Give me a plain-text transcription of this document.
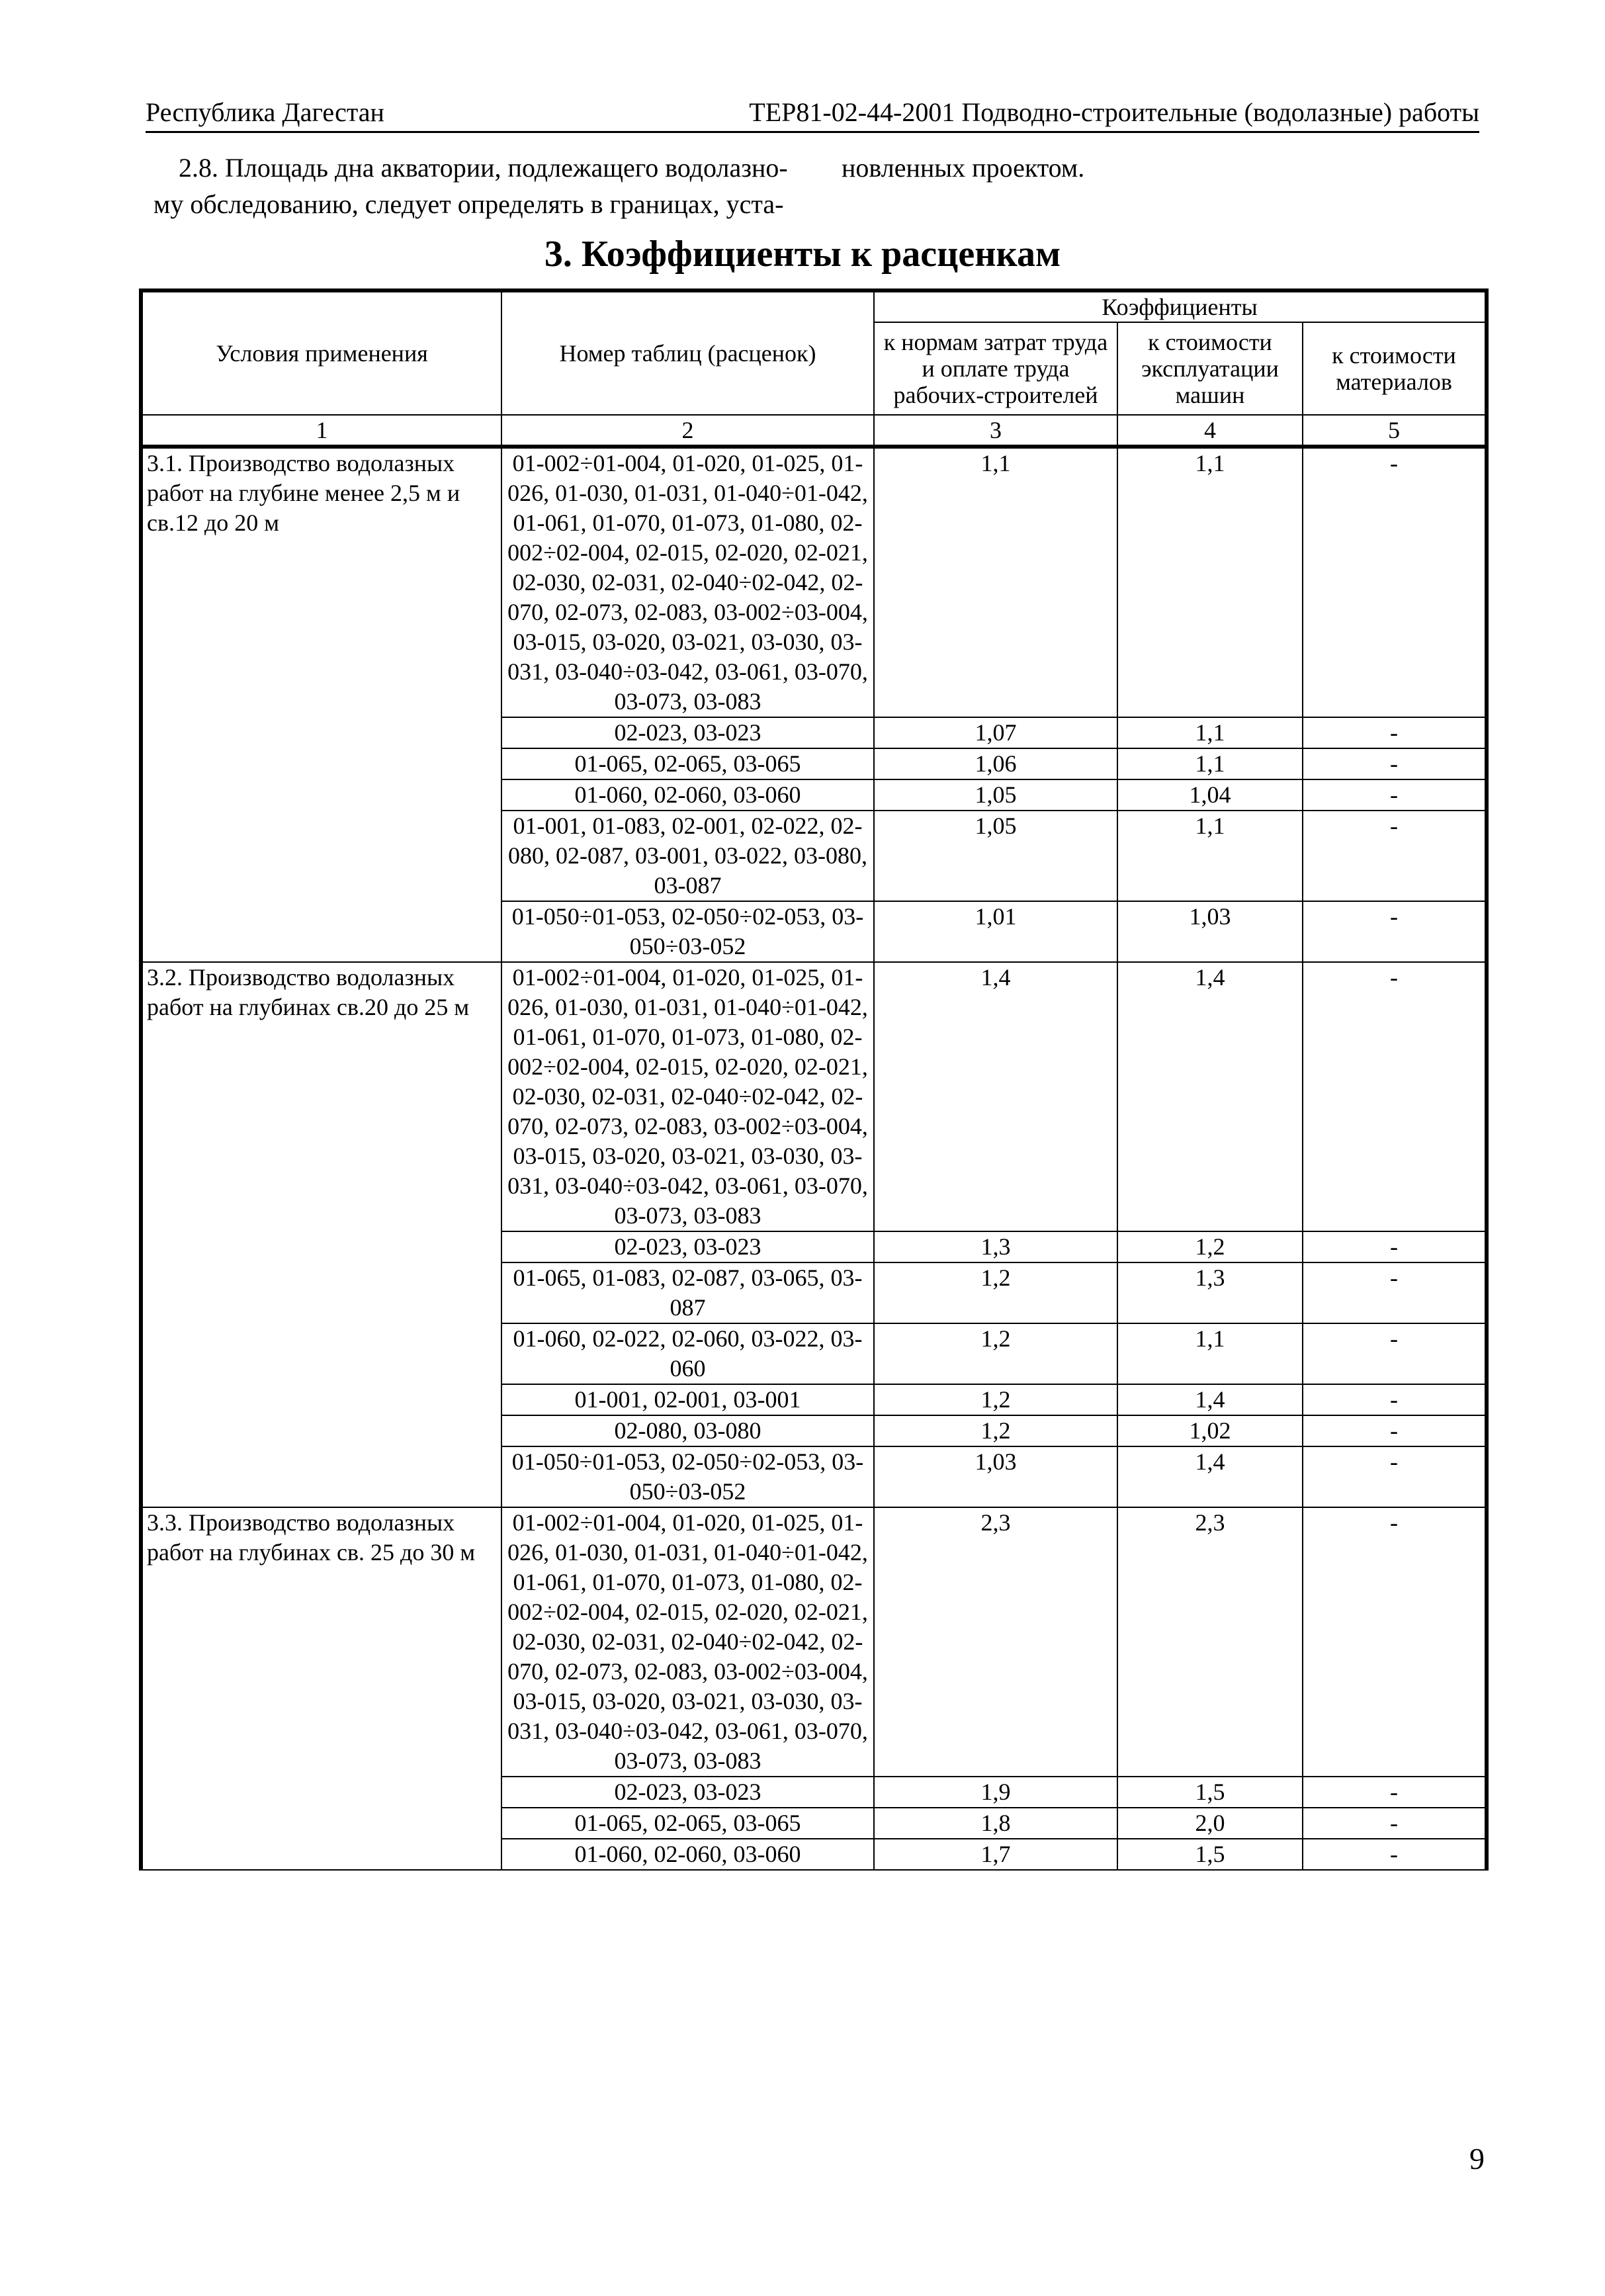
Республика Дагестан	ТЕР81-02-44-2001 Подводно-строительные (водолазные) работы
2.8. Площадь дна акватории, подлежащего водолазно-
му обследованию, следует определять в границах, уста-
новленных проектом.
3. Коэффициенты к расценкам
Условия применения	Номер таблиц (расценок)	Коэффициенты		
		к нормам затрат труда и оплате труда рабочих-строителей	к стоимости эксплуатации машин	к стоимости материалов
1	2	3	4	5
3.1. Производство водолазных работ на глубине менее 2,5 м и св.12 до 20 м	01-002÷01-004, 01-020, 01-025, 01-026, 01-030, 01-031, 01-040÷01-042, 01-061, 01-070, 01-073, 01-080, 02-002÷02-004, 02-015, 02-020, 02-021, 02-030, 02-031, 02-040÷02-042, 02-070, 02-073, 02-083, 03-002÷03-004, 03-015, 03-020, 03-021, 03-030, 03-031, 03-040÷03-042, 03-061, 03-070, 03-073, 03-083	1,1	1,1	-
	02-023, 03-023	1,07	1,1	-
	01-065, 02-065, 03-065	1,06	1,1	-
	01-060, 02-060, 03-060	1,05	1,04	-
	01-001, 01-083, 02-001, 02-022, 02-080, 02-087, 03-001, 03-022, 03-080, 03-087	1,05	1,1	-
	01-050÷01-053, 02-050÷02-053, 03-050÷03-052	1,01	1,03	-
3.2. Производство водолазных работ на глубинах св.20 до 25 м	01-002÷01-004, 01-020, 01-025, 01-026, 01-030, 01-031, 01-040÷01-042, 01-061, 01-070, 01-073, 01-080, 02-002÷02-004, 02-015, 02-020, 02-021, 02-030, 02-031, 02-040÷02-042, 02-070, 02-073, 02-083, 03-002÷03-004, 03-015, 03-020, 03-021, 03-030, 03-031, 03-040÷03-042, 03-061, 03-070, 03-073, 03-083	1,4	1,4	-
	02-023, 03-023	1,3	1,2	-
	01-065, 01-083, 02-087, 03-065, 03-087	1,2	1,3	-
	01-060, 02-022, 02-060, 03-022, 03-060	1,2	1,1	-
	01-001, 02-001, 03-001	1,2	1,4	-
	02-080, 03-080	1,2	1,02	-
	01-050÷01-053, 02-050÷02-053, 03-050÷03-052	1,03	1,4	-
3.3. Производство водолазных работ на глубинах св. 25 до 30 м	01-002÷01-004, 01-020, 01-025, 01-026, 01-030, 01-031, 01-040÷01-042, 01-061, 01-070, 01-073, 01-080, 02-002÷02-004, 02-015, 02-020, 02-021, 02-030, 02-031, 02-040÷02-042, 02-070, 02-073, 02-083, 03-002÷03-004, 03-015, 03-020, 03-021, 03-030, 03-031, 03-040÷03-042, 03-061, 03-070, 03-073, 03-083	2,3	2,3	-
	02-023, 03-023	1,9	1,5	-
	01-065, 02-065, 03-065	1,8	2,0	-
	01-060, 02-060, 03-060	1,7	1,5	-
9
